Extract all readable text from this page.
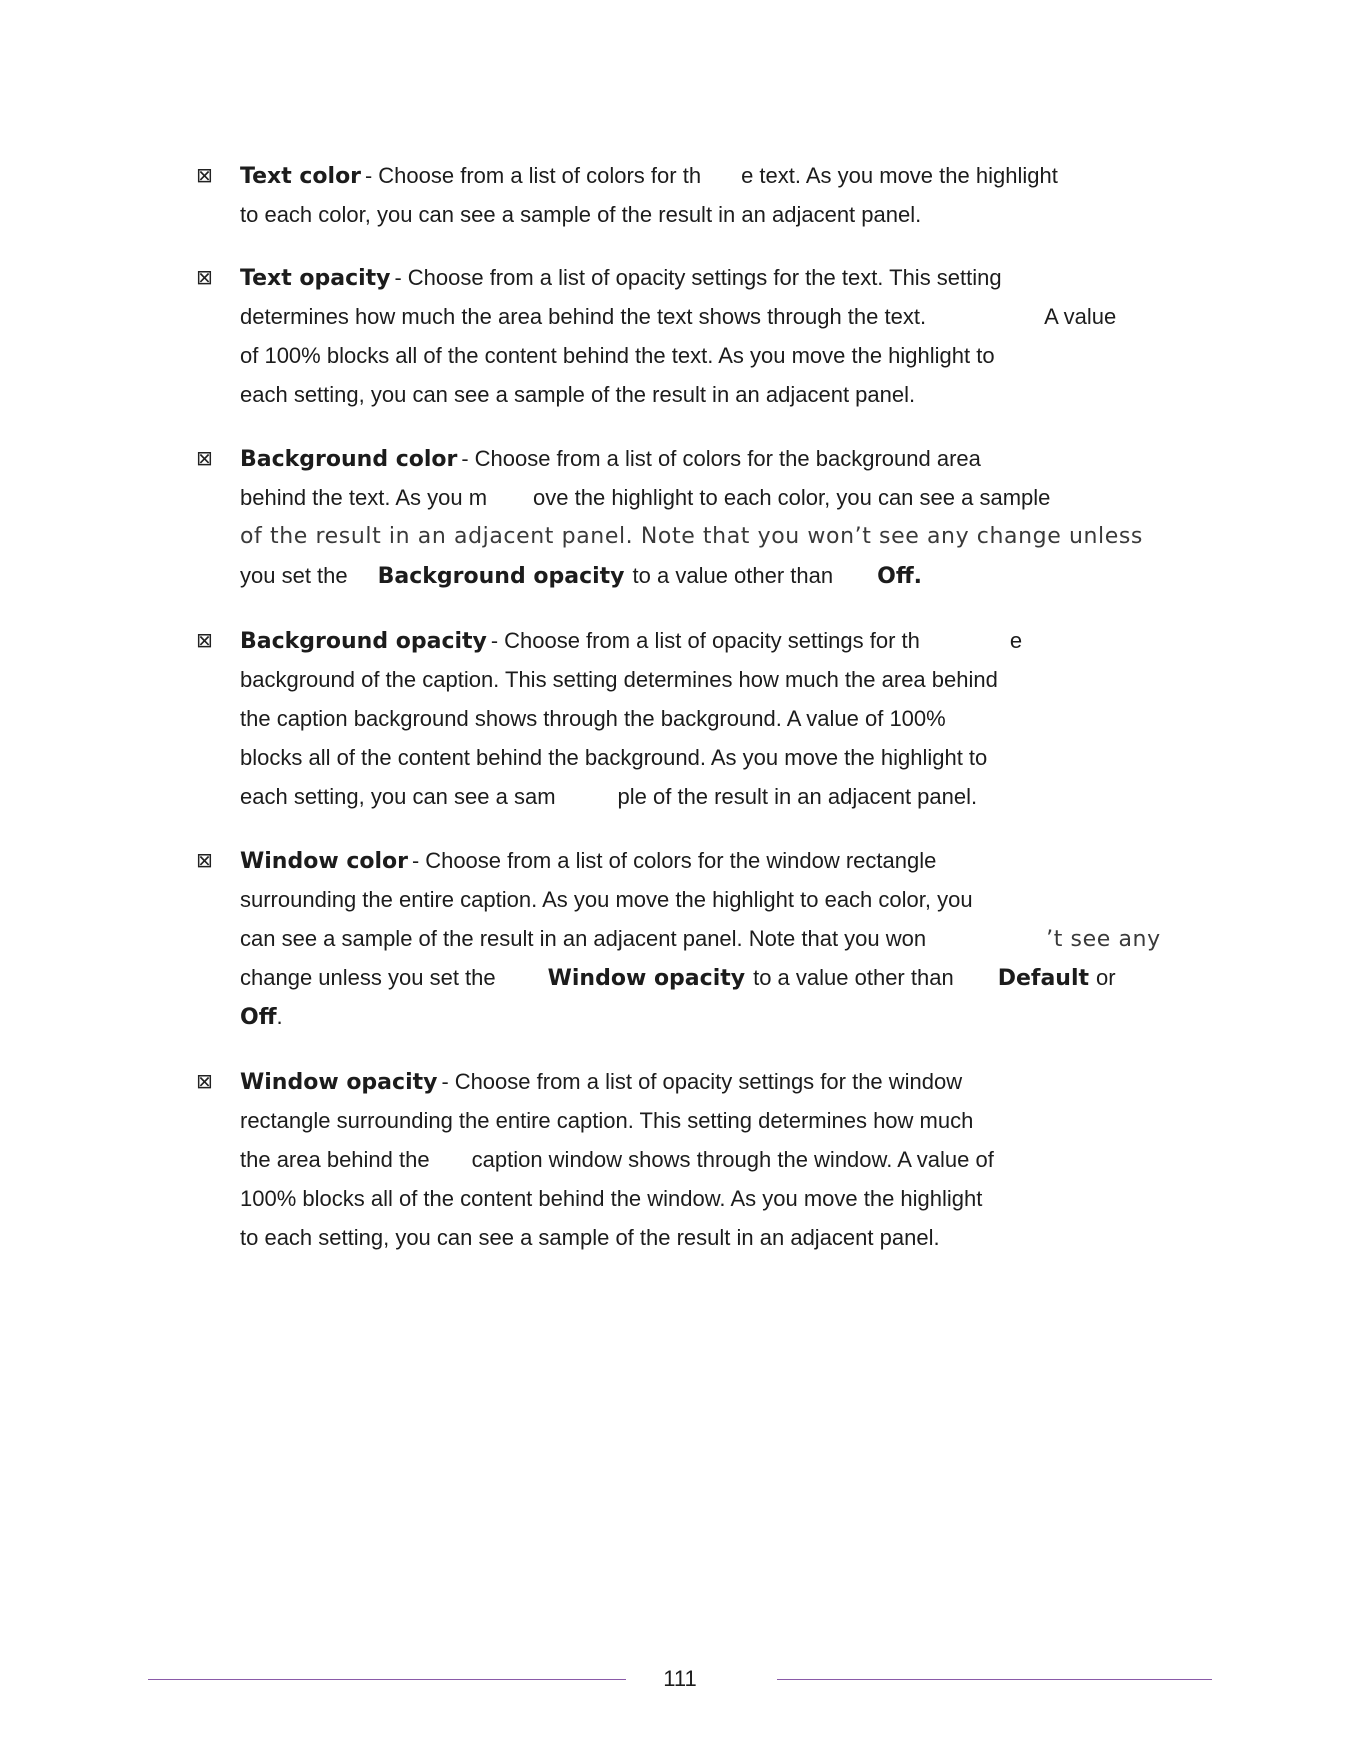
⊠ Text color - Choose from a list of colors for th e text. As you move the highlight
to each color, you can see a sample of the result in an adjacent panel.
⊠ Text opacity - Choose from a list of opacity settings for the text. This setting
determines how much the area behind the text shows through the text.	A value
of 100% blocks all of the content behind the text. As you move the highlight to
each setting, you can see a sample of the result in an adjacent panel.
⊠ Background color - Choose from a list of colors for the background area
behind the text. As you m ove the highlight to each color, you can see a sample
of the result in an adjacent panel. Note that you won’t see any change unless
you set the Background opacity to a value other than Off.
⊠ Background opacity - Choose from a list of opacity settings for th	e
background of the caption. This setting determines how much the area behind
the caption background shows through the background. A value of 100%
blocks all of the content behind the background. As you move the highlight to
each setting, you can see a sam	ple of the result in an adjacent panel.
⊠ Window color - Choose from a list of colors for the window rectangle
surrounding the entire caption. As you move the highlight to each color, you
can see a sample of the result in an adjacent panel. Note that you won	’t see any
change unless you set the Window opacity to a value other than Default or
Off.
⊠ Window opacity - Choose from a list of opacity settings for the window
rectangle surrounding the entire caption. This setting determines how much
the area behind the caption window shows through the window. A value of
100% blocks all of the content behind the window. As you move the highlight
to each setting, you can see a sample of the result in an adjacent panel.
111
